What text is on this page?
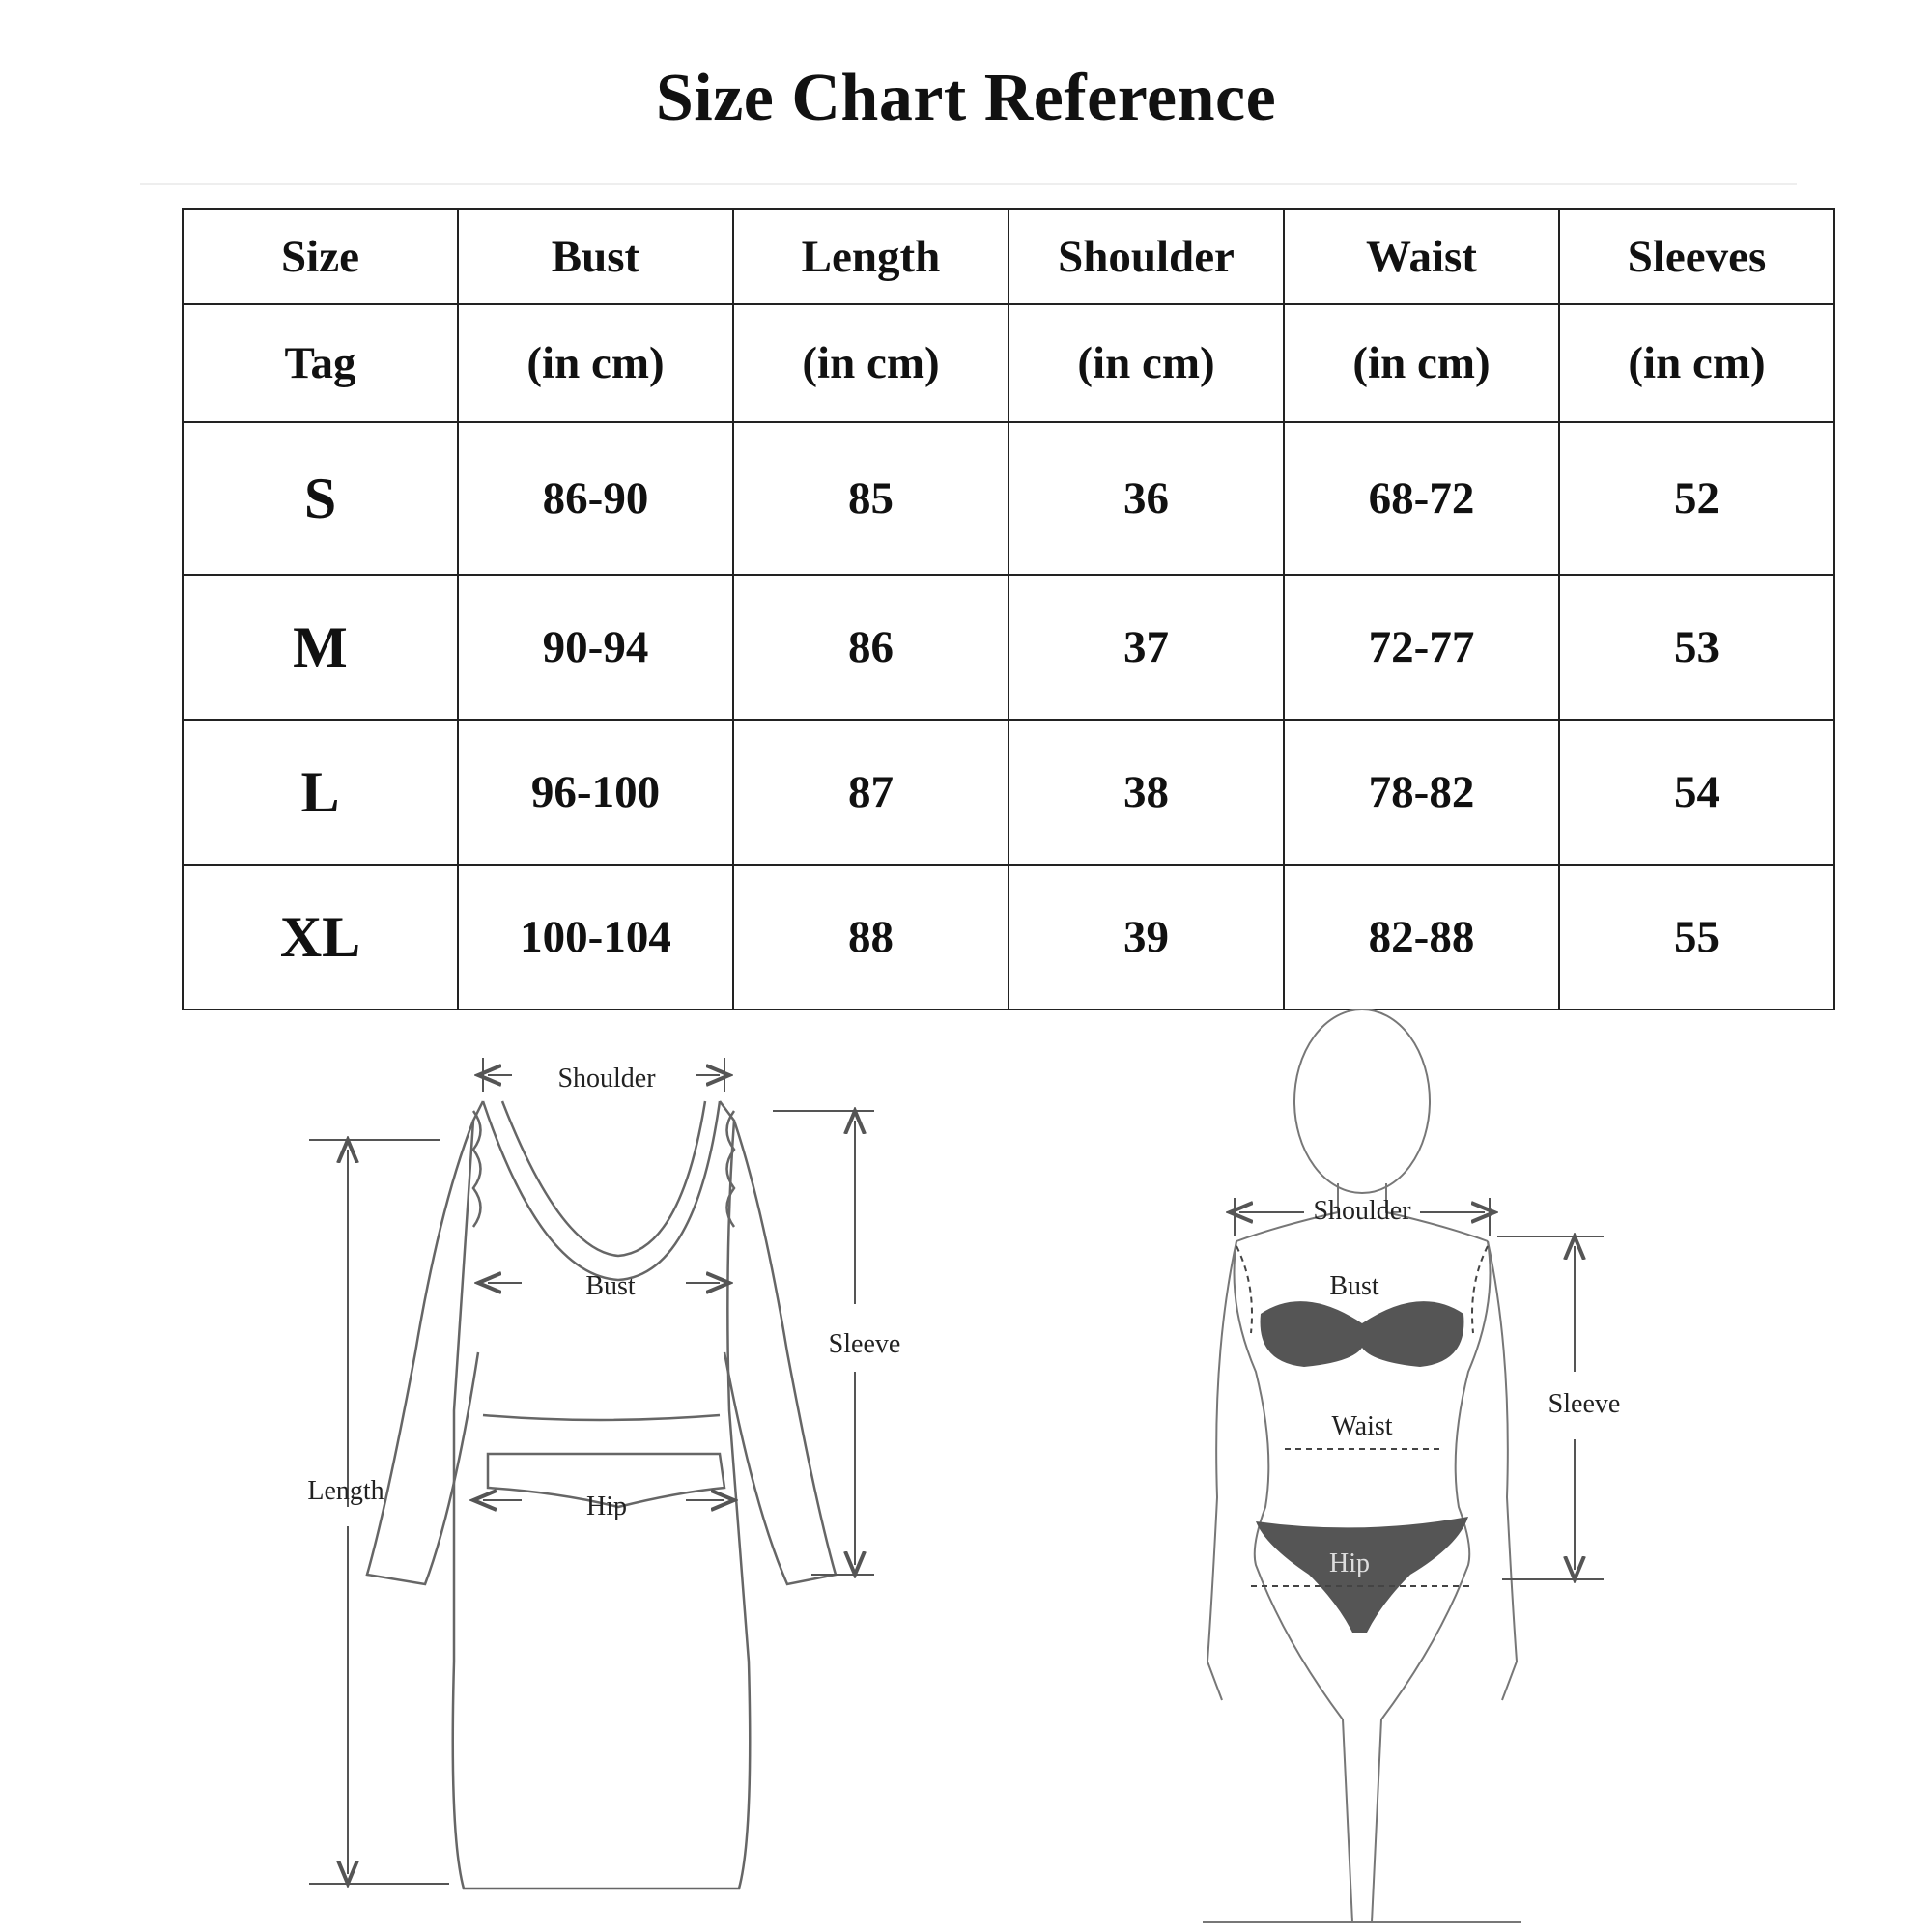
Size Chart Reference
Size	Bust	Length	Shoulder	Waist	Sleeves
Tag	(in cm)	(in cm)	(in cm)	(in cm)	(in cm)
S	86-90	85	36	68-72	52
M	90-94	86	37	72-77	53
L	96-100	87	38	78-82	54
XL	100-104	88	39	82-88	55
Shoulder
Bust
Sleeve
Length
Hip
Shoulder
Bust
Waist
Hip
Sleeve
